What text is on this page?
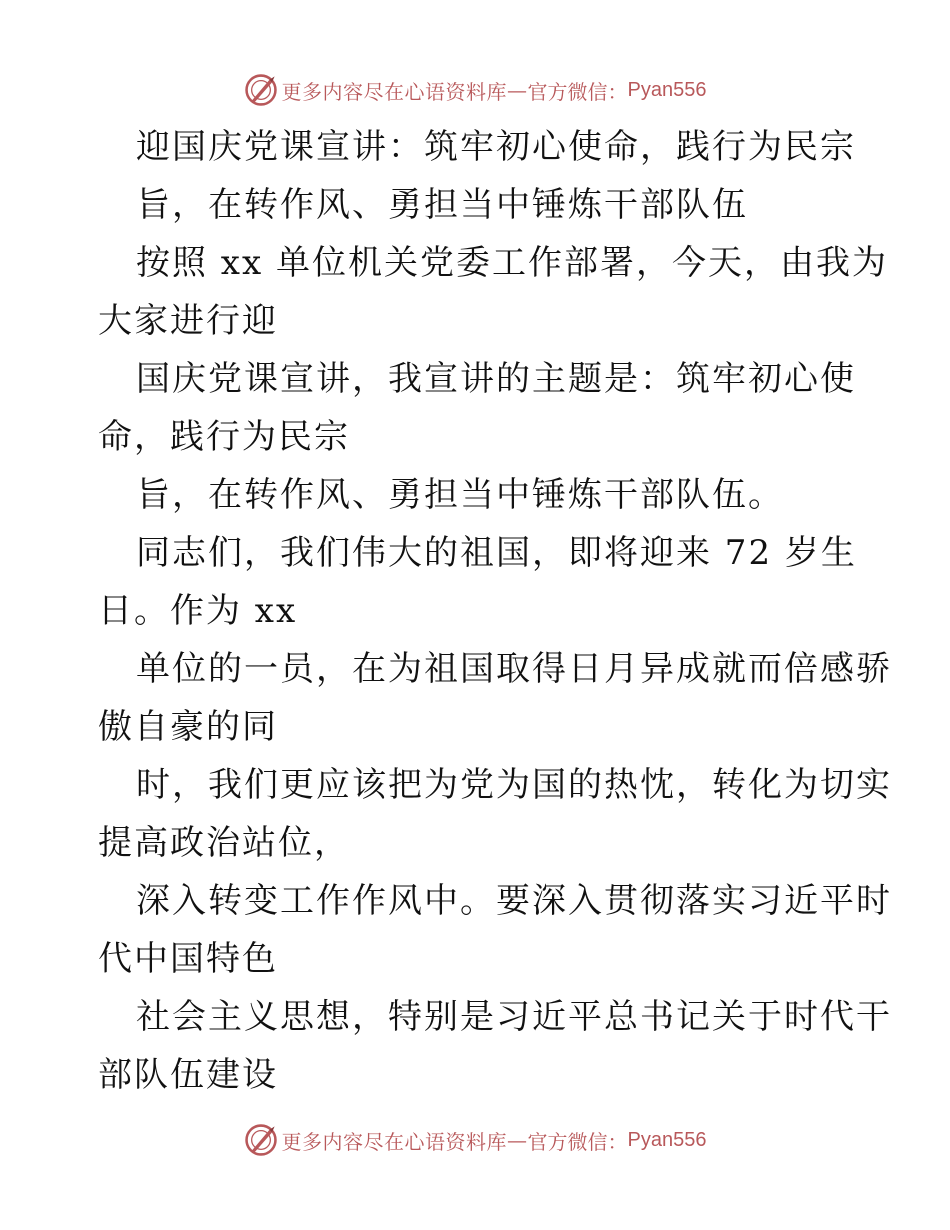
更多内容尽在心语资料库 — 官方微信： Pyan556
迎国庆党课宣讲：筑牢初心使命，践行为民宗
旨，在转作风、勇担当中锤炼干部队伍
按照 xx 单位机关党委工作部署，今天，由我为
大家进行迎
国庆党课宣讲，我宣讲的主题是：筑牢初心使
命，践行为民宗
旨，在转作风、勇担当中锤炼干部队伍。
同志们，我们伟大的祖国，即将迎来 72 岁生
日。作为 xx
单位的一员，在为祖国取得日月异成就而倍感骄
傲自豪的同
时，我们更应该把为党为国的热忱，转化为切实
提高政治站位，
深入转变工作作风中。要深入贯彻落实习近平时
代中国特色
社会主义思想，特别是习近平总书记关于时代干
部队伍建设
更多内容尽在心语资料库 — 官方微信： Pyan556
